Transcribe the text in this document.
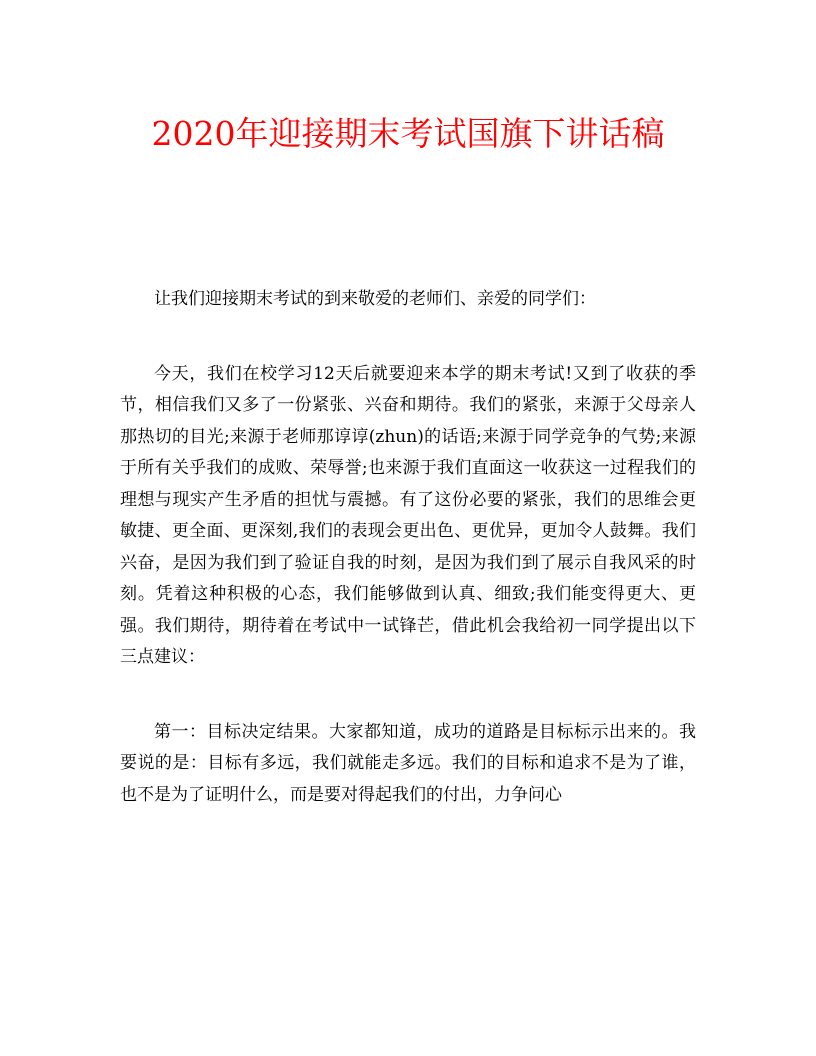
2020年迎接期末考试国旗下讲话稿

让我们迎接期末考试的到来敬爱的老师们、亲爱的同学们：

今天，我们在校学习12天后就要迎来本学的期末考试!又到了收获的季节，相信我们又多了一份紧张、兴奋和期待。我们的紧张，来源于父母亲人那热切的目光;来源于老师那谆谆(zhun)的话语;来源于同学竞争的气势;来源于所有关乎我们的成败、荣辱誉;也来源于我们直面这一收获这一过程我们的理想与现实产生矛盾的担忧与震撼。有了这份必要的紧张，我们的思维会更敏捷、更全面、更深刻,我们的表现会更出色、更优异，更加令人鼓舞。我们兴奋，是因为我们到了验证自我的时刻，是因为我们到了展示自我风采的时刻。凭着这种积极的心态，我们能够做到认真、细致;我们能变得更大、更强。我们期待，期待着在考试中一试锋芒，借此机会我给初一同学提出以下三点建议：

第一：目标决定结果。大家都知道，成功的道路是目标标示出来的。我要说的是：目标有多远，我们就能走多远。我们的目标和追求不是为了谁，也不是为了证明什么，而是要对得起我们的付出，力争问心
